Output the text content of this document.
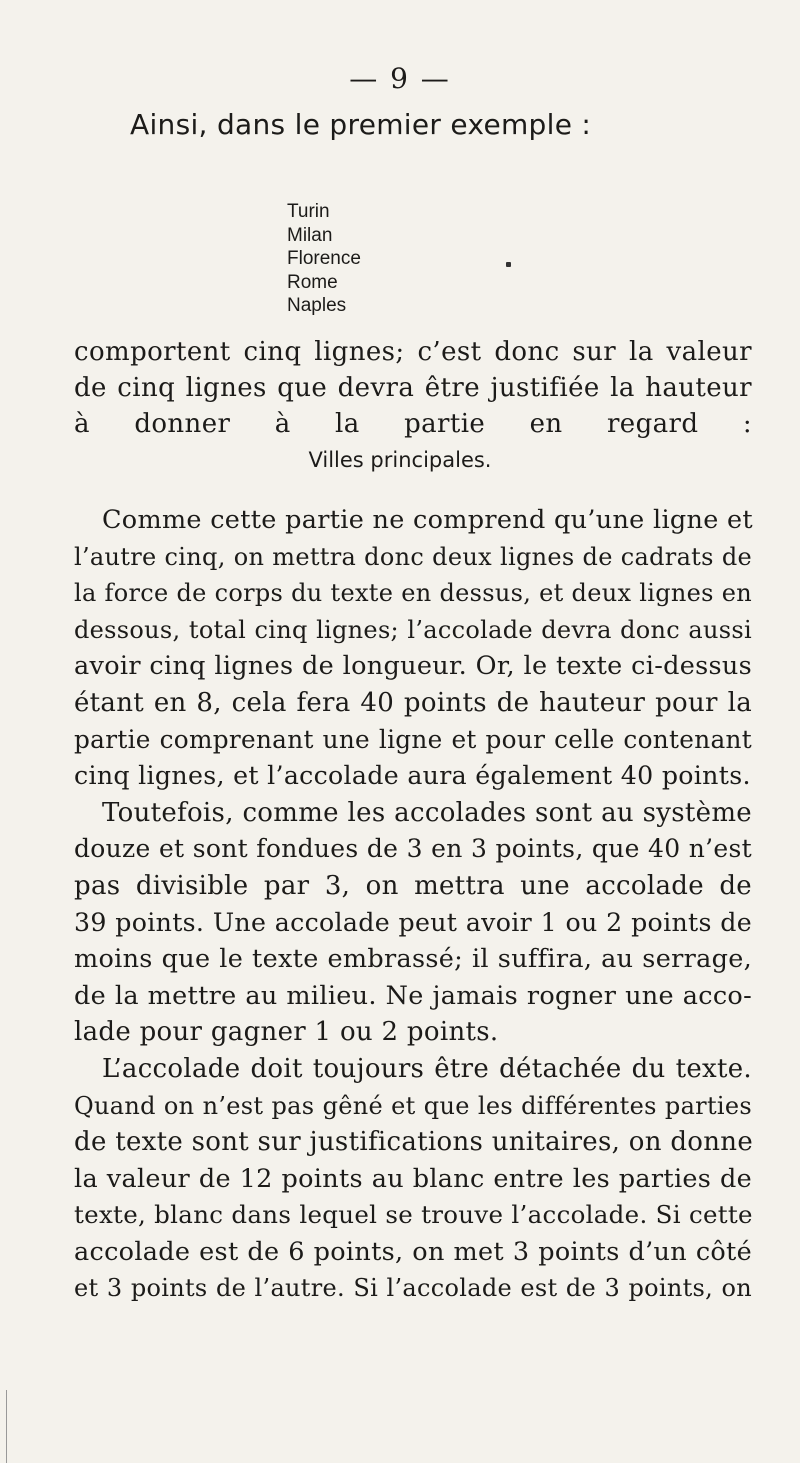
— 9 —
Ainsi, dans le premier exemple :
Turin
Milan
Florence
Rome
Naples
comportent cinq lignes; c’est donc sur la valeur de cinq lignes que devra être justifiée la hauteur à donner à la partie en regard :
Villes principales.
Comme cette partie ne comprend qu’une ligne et
l’autre cinq, on mettra donc deux lignes de cadrats de
la force de corps du texte en dessus, et deux lignes en
dessous, total cinq lignes; l’accolade devra donc aussi
avoir cinq lignes de longueur. Or, le texte ci-dessus
étant en 8, cela fera 40 points de hauteur pour la
partie comprenant une ligne et pour celle contenant
cinq lignes, et l’accolade aura également 40 points.
Toutefois, comme les accolades sont au système
douze et sont fondues de 3 en 3 points, que 40 n’est
pas divisible par 3, on mettra une accolade de
39 points. Une accolade peut avoir 1 ou 2 points de
moins que le texte embrassé; il suffira, au serrage,
de la mettre au milieu. Ne jamais rogner une acco-
lade pour gagner 1 ou 2 points.
L’accolade doit toujours être détachée du texte.
Quand on n’est pas gêné et que les différentes parties
de texte sont sur justifications unitaires, on donne
la valeur de 12 points au blanc entre les parties de
texte, blanc dans lequel se trouve l’accolade. Si cette
accolade est de 6 points, on met 3 points d’un côté
et 3 points de l’autre. Si l’accolade est de 3 points, on
